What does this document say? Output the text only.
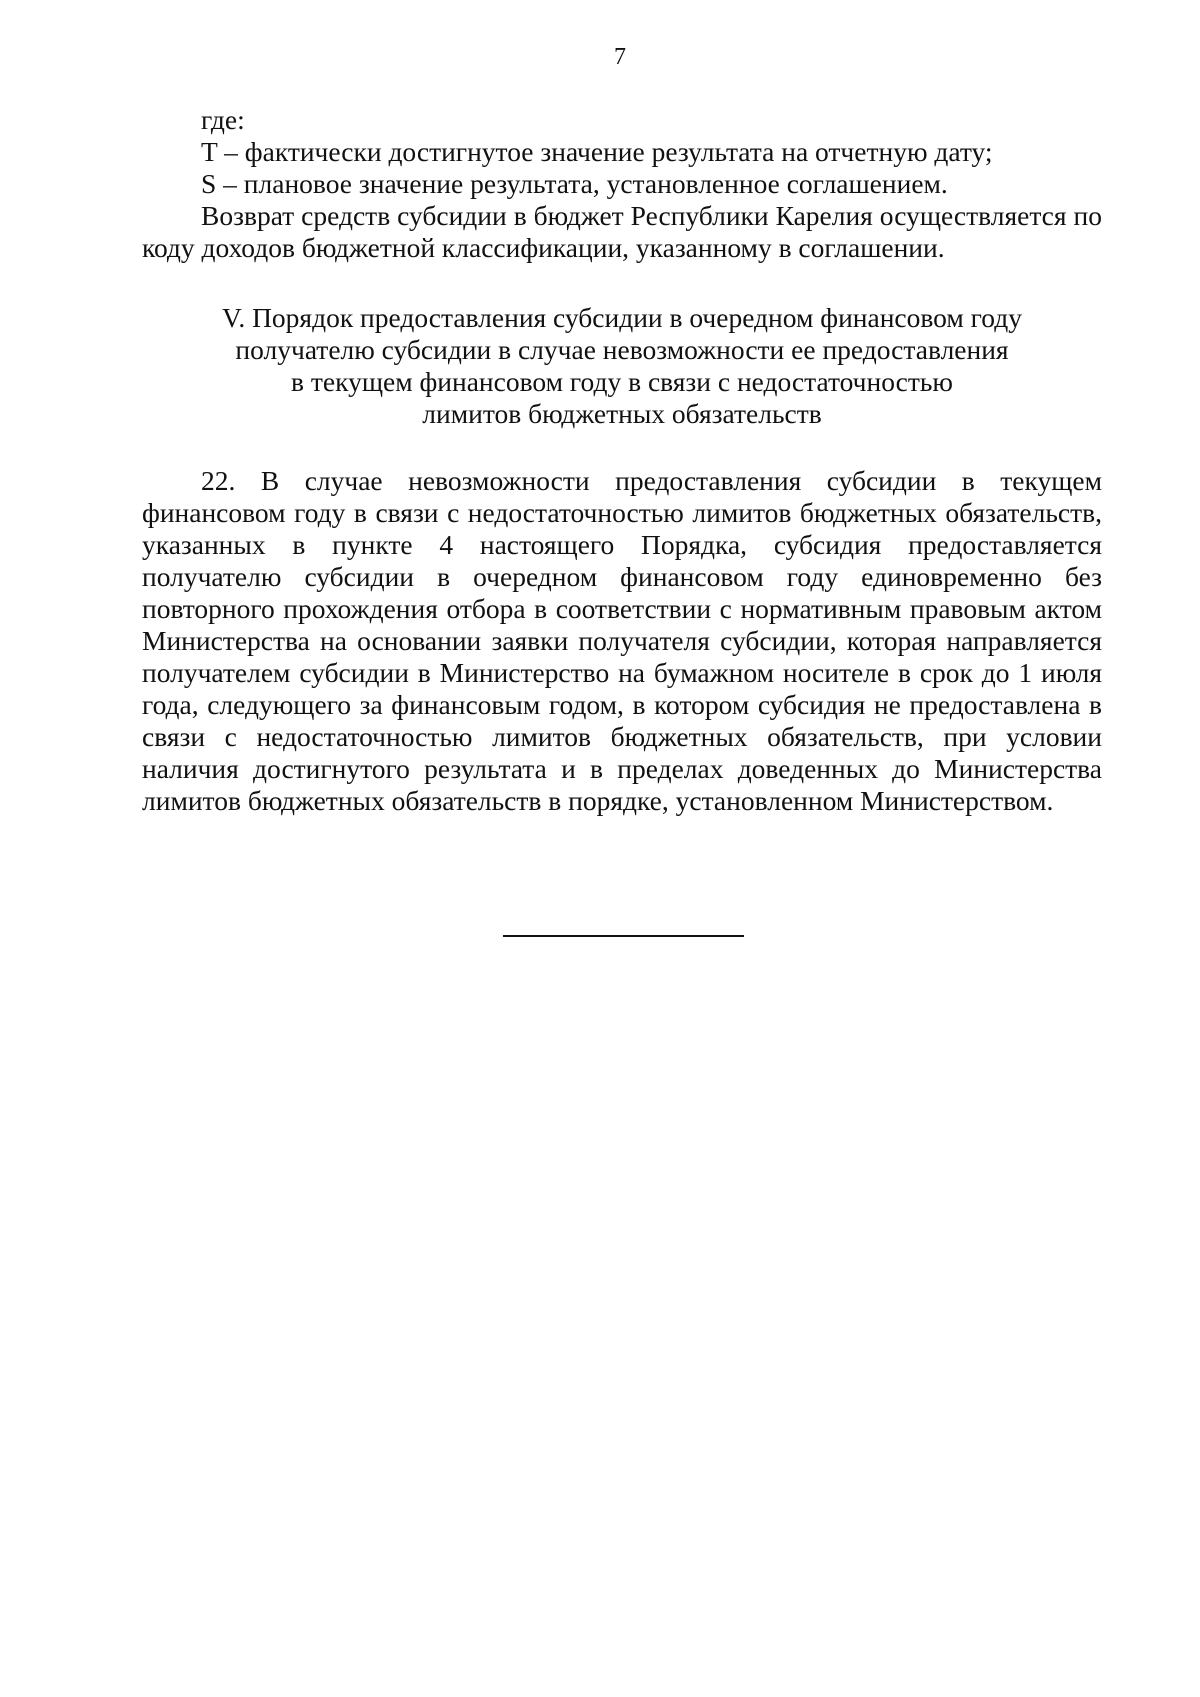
7

где:

T – фактически достигнутое значение результата на отчетную дату;

S – плановое значение результата, установленное соглашением.

Возврат средств субсидии в бюджет Республики Карелия осуществляется по коду доходов бюджетной классификации, указанному в соглашении.

V. Порядок предоставления субсидии в очередном финансовом году
получателю субсидии в случае невозможности ее предоставления
в текущем финансовом году в связи с недостаточностью
лимитов бюджетных обязательств

22. В случае невозможности предоставления субсидии в текущем финансовом году в связи с недостаточностью лимитов бюджетных обязательств, указанных в пункте 4 настоящего Порядка, субсидия предоставляется получателю субсидии в очередном финансовом году единовременно без повторного прохождения отбора в соответствии с нормативным правовым актом Министерства на основании заявки получателя субсидии, которая направляется получателем субсидии в Министерство на бумажном носителе в срок до 1 июля года, следующего за финансовым годом, в котором субсидия не предоставлена в связи с недостаточностью лимитов бюджетных обязательств, при условии наличия достигнутого результата и в пределах доведенных до Министерства лимитов бюджетных обязательств в порядке, установленном Министерством.
